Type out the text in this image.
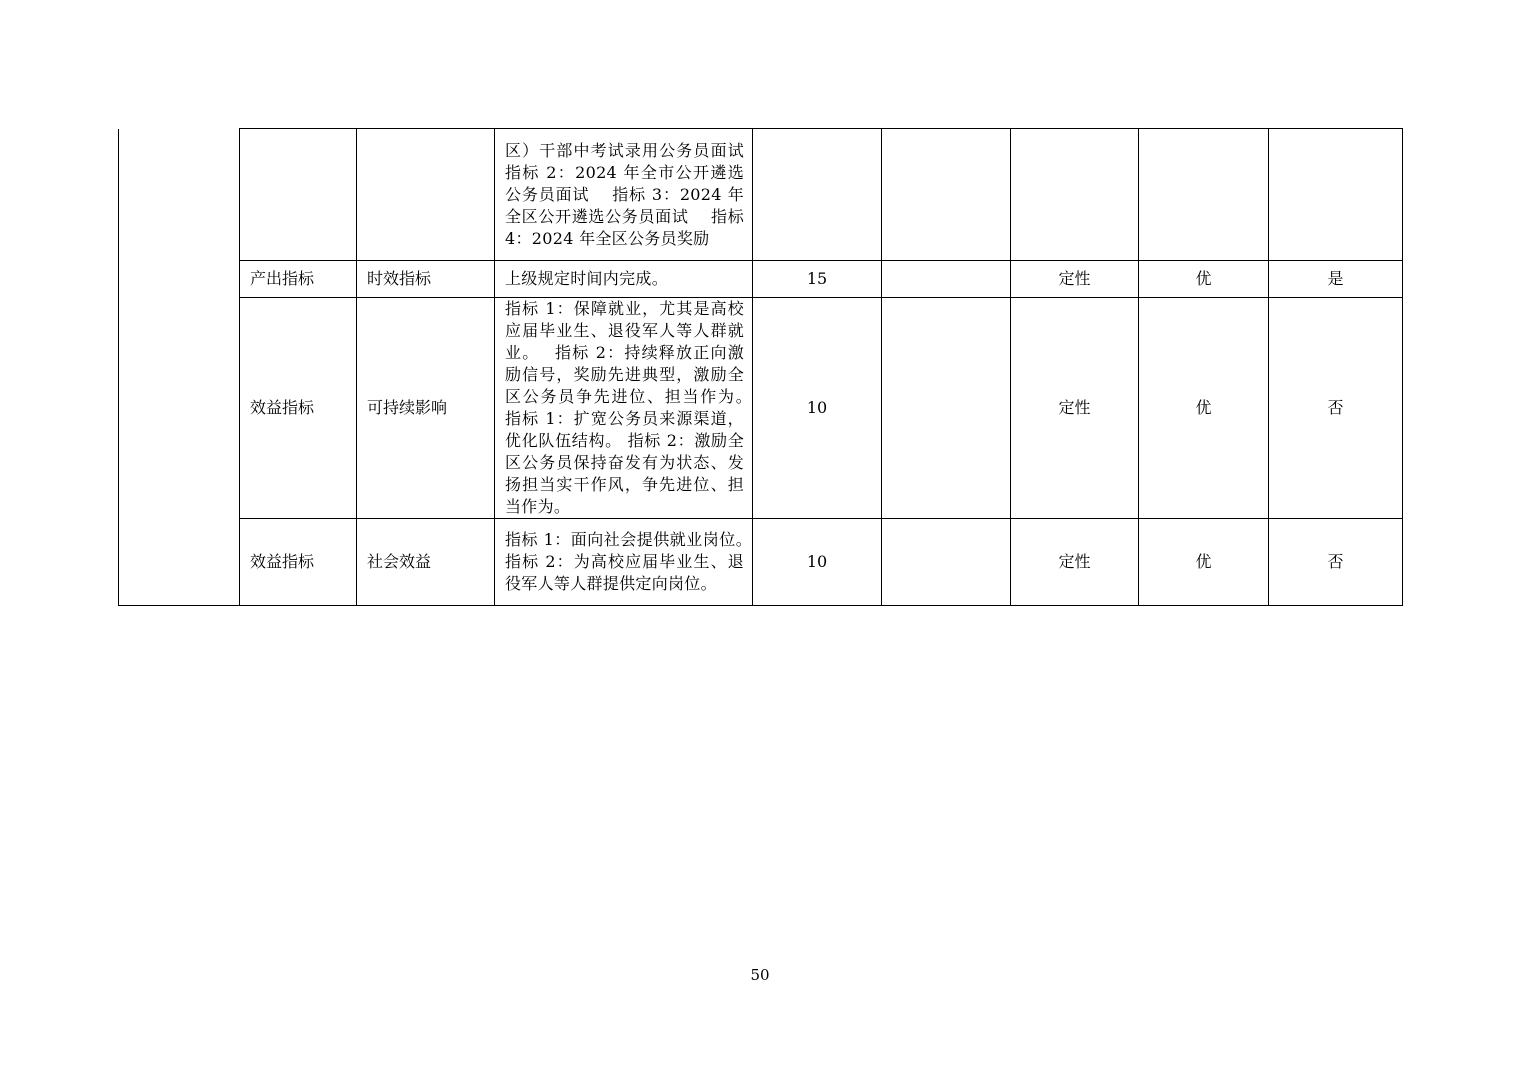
			区）干部中考试录用公务员面试　 指标 2：2024 年全市公开遴选公务员面试　 指标 3：2024 年全区公开遴选公务员面试　 指标 4：2024 年全区公务员奖励					
	产出指标	时效指标	上级规定时间内完成。	15		定性	优	是
	效益指标	可持续影响	指标 1：保障就业，尤其是高校应届毕业生、退役军人等人群就业。　 指标 2：持续释放正向激励信号，奖励先进典型，激励全区公务员争先进位、担当作为。　 指标 1：扩宽公务员来源渠道，优化队伍结构。 指标 2：激励全区公务员保持奋发有为状态、发扬担当实干作风，争先进位、担当作为。	10		定性	优	否
	效益指标	社会效益	指标 1：面向社会提供就业岗位。　 指标 2：为高校应届毕业生、退役军人等人群提供定向岗位。	10		定性	优	否
50
